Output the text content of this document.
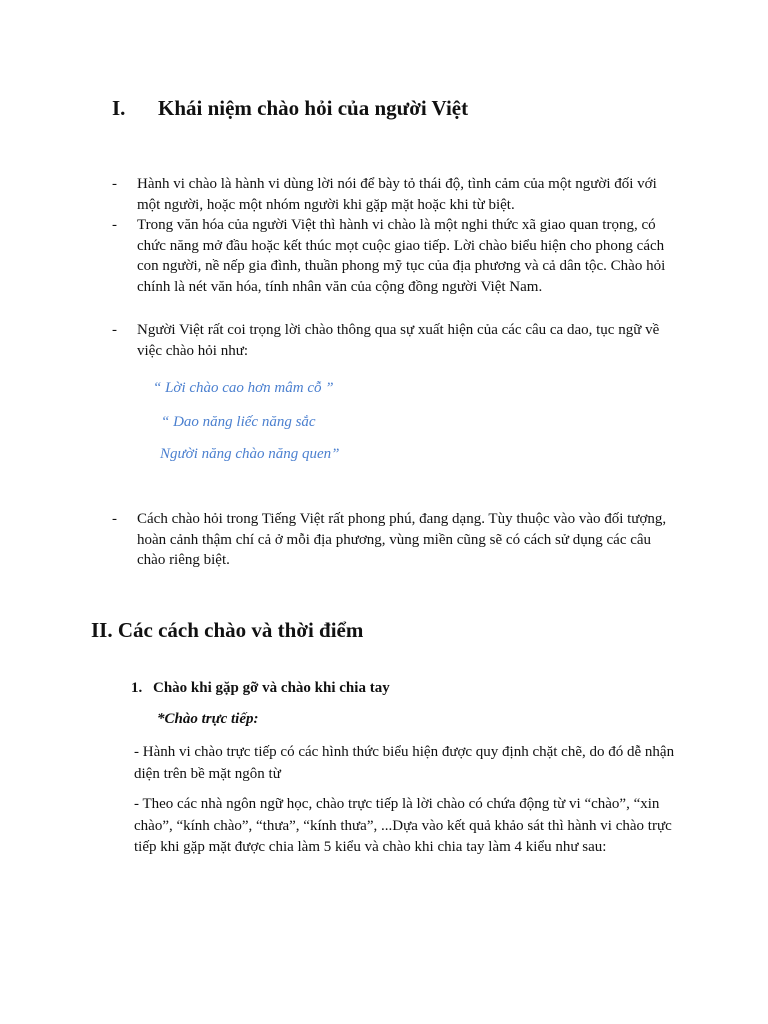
I. Khái niệm chào hỏi của người Việt
- Hành vi chào là hành vi dùng lời nói để bày tỏ thái độ, tình cảm của một người đối với một người, hoặc một nhóm người khi gặp mặt hoặc khi từ biệt.
- Trong văn hóa của người Việt thì hành vi chào là một nghi thức xã giao quan trọng, có chức năng mở đầu hoặc kết thúc mọt cuộc giao tiếp. Lời chào biểu hiện cho phong cách con người, nề nếp gia đình, thuần phong mỹ tục của địa phương và cả dân tộc. Chào hỏi chính là nét văn hóa, tính nhân văn của cộng đồng người Việt Nam.
- Người Việt rất coi trọng lời chào thông qua sự xuất hiện của các câu ca dao, tục ngữ về việc chào hỏi như:
“ Lời chào cao hơn mâm cỗ ”
“ Dao năng liếc năng sắc
Người năng chào năng quen”
- Cách chào hỏi trong Tiếng Việt rất phong phú, đang dạng. Tùy thuộc vào vào đối tượng, hoàn cảnh thậm chí cả ở mỗi địa phương, vùng miền cũng sẽ có cách sử dụng các câu chào riêng biệt.
II. Các cách chào và thời điểm
1. Chào khi gặp gỡ và chào khi chia tay
*Chào trực tiếp:
- Hành vi chào trực tiếp có các hình thức biểu hiện được quy định chặt chẽ, do đó dễ nhận diện trên bề mặt ngôn từ
- Theo các nhà ngôn ngữ học, chào trực tiếp là lời chào có chứa động từ vi “chào”, “xin chào”, “kính chào”, “thưa”, “kính thưa”, ...Dựa vào kết quả khảo sát thì hành vi chào trực tiếp khi gặp mặt được chia làm 5 kiểu và chào khi chia tay làm 4 kiểu như sau:
